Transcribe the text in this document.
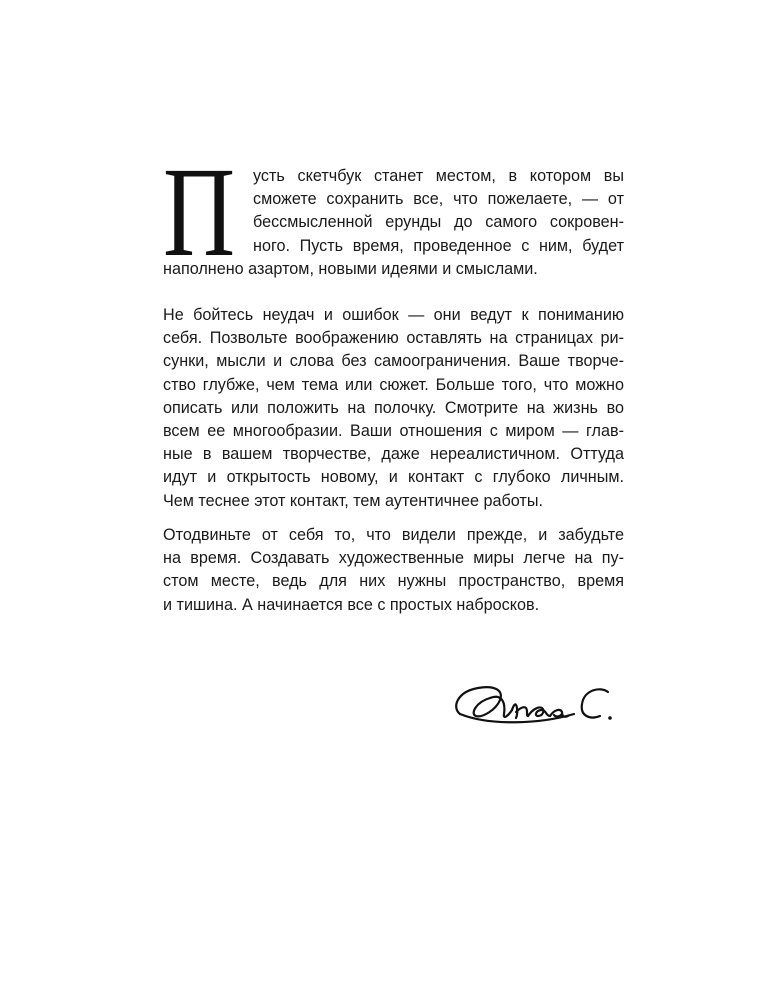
П	усть скетчбук станет местом, в котором вы
сможете сохранить все, что пожелаете, — от
бессмысленной ерунды до самого сокровен-
ного. Пусть время, проведенное с ним, будет
наполнено азартом, новыми идеями и смыслами.
Не бойтесь неудач и ошибок — они ведут к пониманию
себя. Позвольте воображению оставлять на страницах ри-
сунки, мысли и слова без самоограничения. Ваше творче-
ство глубже, чем тема или сюжет. Больше того, что можно
описать или положить на полочку. Смотрите на жизнь во
всем ее многообразии. Ваши отношения с миром — глав-
ные в вашем творчестве, даже нереалистичном. Оттуда
идут и открытость новому, и контакт с глубоко личным.
Чем теснее этот контакт, тем аутентичнее работы.
Отодвиньте от себя то, что видели прежде, и забудьте
на время. Создавать художественные миры легче на пу-
стом месте, ведь для них нужны пространство, время
и тишина. А начинается все с простых набросков.
